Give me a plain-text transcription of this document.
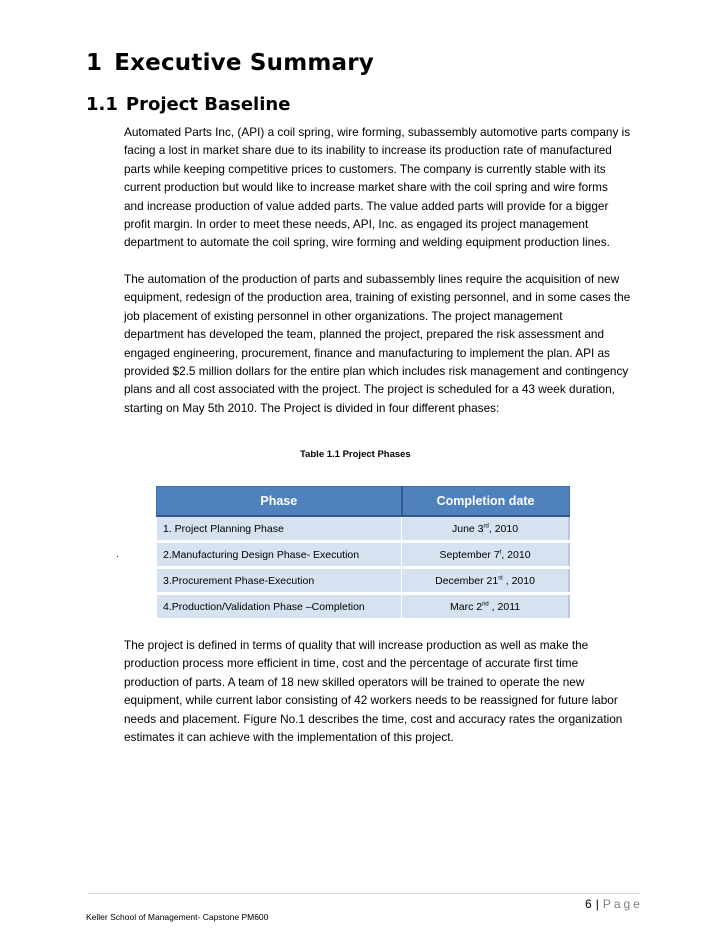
1 Executive Summary
1.1 Project Baseline

Automated Parts Inc, (API) a coil spring, wire forming, subassembly automotive parts company is
facing a lost in market share due to its inability to increase its production rate of manufactured
parts while keeping competitive prices to customers. The company is currently stable with its
current production but would like to increase market share with the coil spring and wire forms
and increase production of value added parts. The value added parts will provide for a bigger
profit margin. In order to meet these needs, API, Inc. as engaged its project management
department to automate the coil spring, wire forming and welding equipment production lines.

The automation of the production of parts and subassembly lines require the acquisition of new
equipment, redesign of the production area, training of existing personnel, and in some cases the
job placement of existing personnel in other organizations. The project management
department has developed the team, planned the project, prepared the risk assessment and
engaged engineering, procurement, finance and manufacturing to implement the plan. API as
provided $2.5 million dollars for the entire plan which includes risk management and contingency
plans and all cost associated with the project. The project is scheduled for a 43 week duration,
starting on May 5th 2010. The Project is divided in four different phases:

Table 1.1 Project Phases
.
Phase	Completion date
1. Project Planning Phase	June 3rd, 2010
2.Manufacturing Design Phase- Execution	September 7$^t$, 2010
3.Procurement Phase-Execution	December 21st , 2010
4.Production/Validation Phase –Completion	Marc 2nd , 2011

The project is defined in terms of quality that will increase production as well as make the
production process more efficient in time, cost and the percentage of accurate first time
production of parts. A team of 18 new skilled operators will be trained to operate the new
equipment, while current labor consisting of 42 workers needs to be reassigned for future labor
needs and placement. Figure No.1 describes the time, cost and accuracy rates the organization
estimates it can achieve with the implementation of this project.

6 | Page
Keller School of Management- Capstone PM600
